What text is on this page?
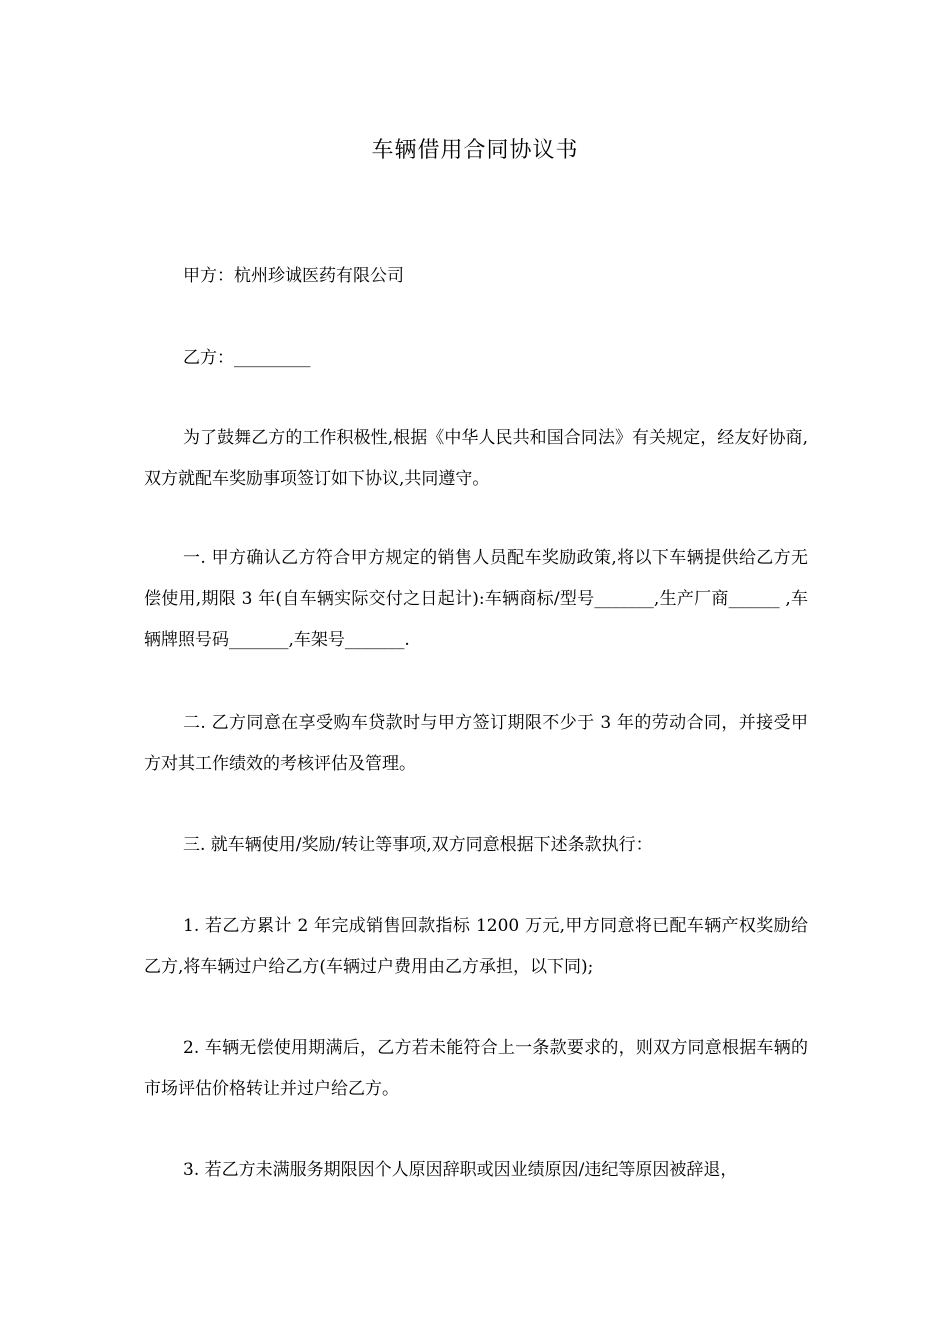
车辆借用合同协议书
甲方：杭州珍诚医药有限公司
乙方：_________
为了鼓舞乙方的工作积极性,根据《中华人民共和国合同法》有关规定，经友好协商,双方就配车奖励事项签订如下协议,共同遵守。
一. 甲方确认乙方符合甲方规定的销售人员配车奖励政策,将以下车辆提供给乙方无偿使用,期限 3 年(自车辆实际交付之日起计):车辆商标/型号_______,生产厂商______ ,车辆牌照号码_______,车架号_______.
二. 乙方同意在享受购车贷款时与甲方签订期限不少于 3 年的劳动合同，并接受甲方对其工作绩效的考核评估及管理。
三. 就车辆使用/奖励/转让等事项,双方同意根据下述条款执行：
1. 若乙方累计 2 年完成销售回款指标 1200 万元,甲方同意将已配车辆产权奖励给乙方,将车辆过户给乙方(车辆过户费用由乙方承担，以下同);
2. 车辆无偿使用期满后，乙方若未能符合上一条款要求的，则双方同意根据车辆的市场评估价格转让并过户给乙方。
3. 若乙方未满服务期限因个人原因辞职或因业绩原因/违纪等原因被辞退，
